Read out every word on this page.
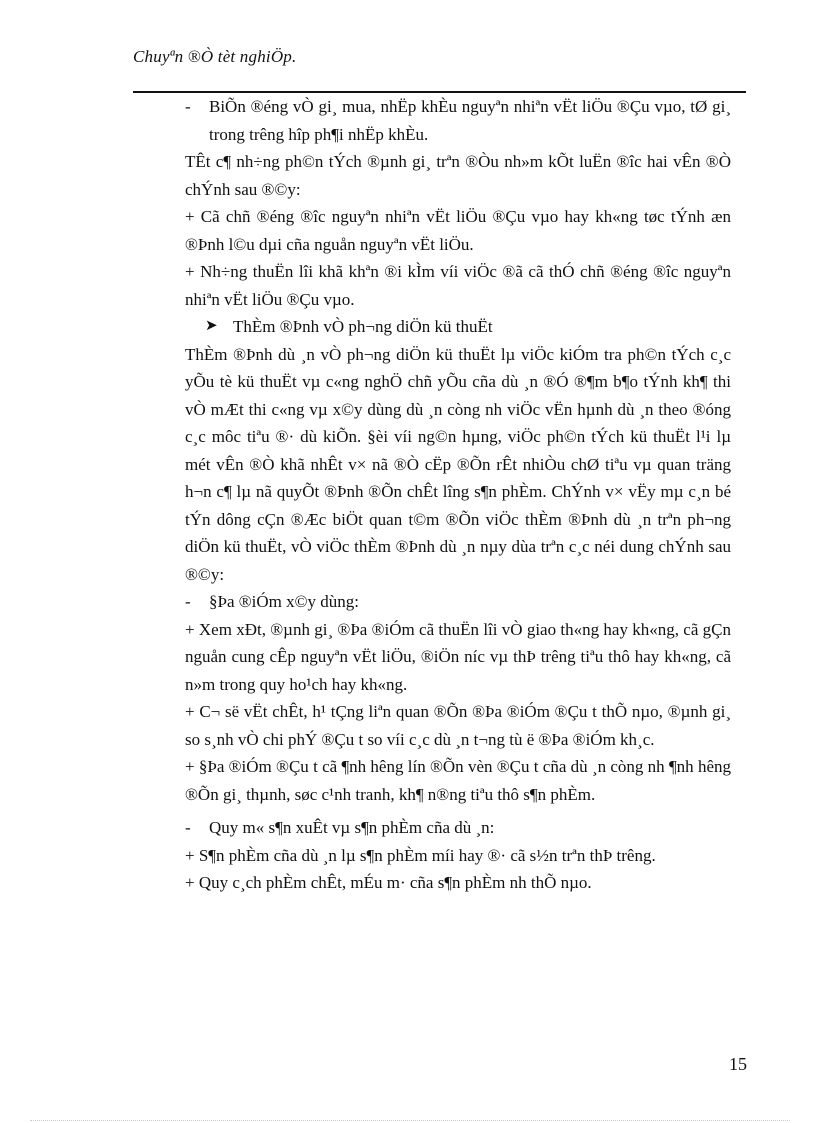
Chuyªn ®Ò tèt nghiÖp.
-	BiÕn ®éng vÒ gi¸ mua, nhËp khÈu nguyªn nhiªn vËt liÖu ®Çu vµo, tØ gi¸ trong trêng hîp ph¶i nhËp khÈu.
TÊt c¶ nh÷ng ph©n tÝch ®µnh gi¸ trªn ®Òu nh»m kÕt luËn ®îc hai vÊn ®Ò chÝnh sau ®©y:
+ Cã chñ ®éng ®îc nguyªn nhiªn vËt liÖu ®Çu vµo hay kh«ng tøc tÝnh æn ®Þnh l©u dµi cña nguån nguyªn vËt liÖu.
+ Nh÷ng thuËn lîi khã khªn ®i kÌm víi viÖc ®ã cã thÓ chñ ®éng ®îc nguyªn nhiªn vËt liÖu ®Çu vµo.
➤ ThÈm ®Þnh vÒ ph¬ng diÖn kü thuËt
ThÈm ®Þnh dù ¸n vÒ ph¬ng diÖn kü thuËt lµ viÖc kiÓm tra ph©n tÝch c¸c yÕu tè kü thuËt vµ c«ng nghÖ chñ yÕu cña dù ¸n ®Ó ®¶m b¶o tÝnh kh¶ thi vÒ mÆt thi c«ng vµ x©y dùng dù ¸n còng nh viÖc vËn hµnh dù ¸n theo ®óng c¸c môc tiªu ®· dù kiÕn. §èi víi ng©n hµng, viÖc ph©n tÝch kü thuËt l¹i lµ mét vÊn ®Ò khã nhÊt v× nã ®Ò cËp ®Õn rÊt nhiÒu chØ tiªu vµ quan träng h¬n c¶ lµ nã quyÕt ®Þnh ®Õn chÊt lîng s¶n phÈm. ChÝnh v× vËy mµ c¸n bé tÝn dông cÇn ®Æc biÖt quan t©m ®Õn viÖc thÈm ®Þnh dù ¸n trªn ph¬ng diÖn kü thuËt, vÒ viÖc thÈm ®Þnh dù ¸n nµy dùa trªn c¸c néi dung chÝnh sau ®©y:
-	§Þa ®iÓm x©y dùng:
+ Xem xÐt, ®µnh gi¸ ®Þa ®iÓm cã thuËn lîi vÒ giao th«ng hay kh«ng, cã gÇn nguån cung cÊp nguyªn vËt liÖu, ®iÖn níc vµ thÞ trêng tiªu thô hay kh«ng, cã n»m trong quy ho¹ch hay kh«ng.
+ C¬ së vËt chÊt, h¹ tÇng liªn quan ®Õn ®Þa ®iÓm ®Çu t thÕ nµo, ®µnh gi¸ so s¸nh vÒ chi phÝ ®Çu t so víi c¸c dù ¸n t¬ng tù ë ®Þa ®iÓm kh¸c.
+ §Þa ®iÓm ®Çu t cã ¶nh hêng lín ®Õn vèn ®Çu t cña dù ¸n còng nh ¶nh hêng ®Õn gi¸ thµnh, søc c¹nh tranh, kh¶ n®ng tiªu thô s¶n phÈm.
-	Quy m« s¶n xuÊt vµ s¶n phÈm cña dù ¸n:
+ S¶n phÈm cña dù ¸n lµ s¶n phÈm míi hay ®· cã s½n trªn thÞ trêng.
+ Quy c¸ch phÈm chÊt, mÉu m· cña s¶n phÈm nh thÕ nµo.
15
